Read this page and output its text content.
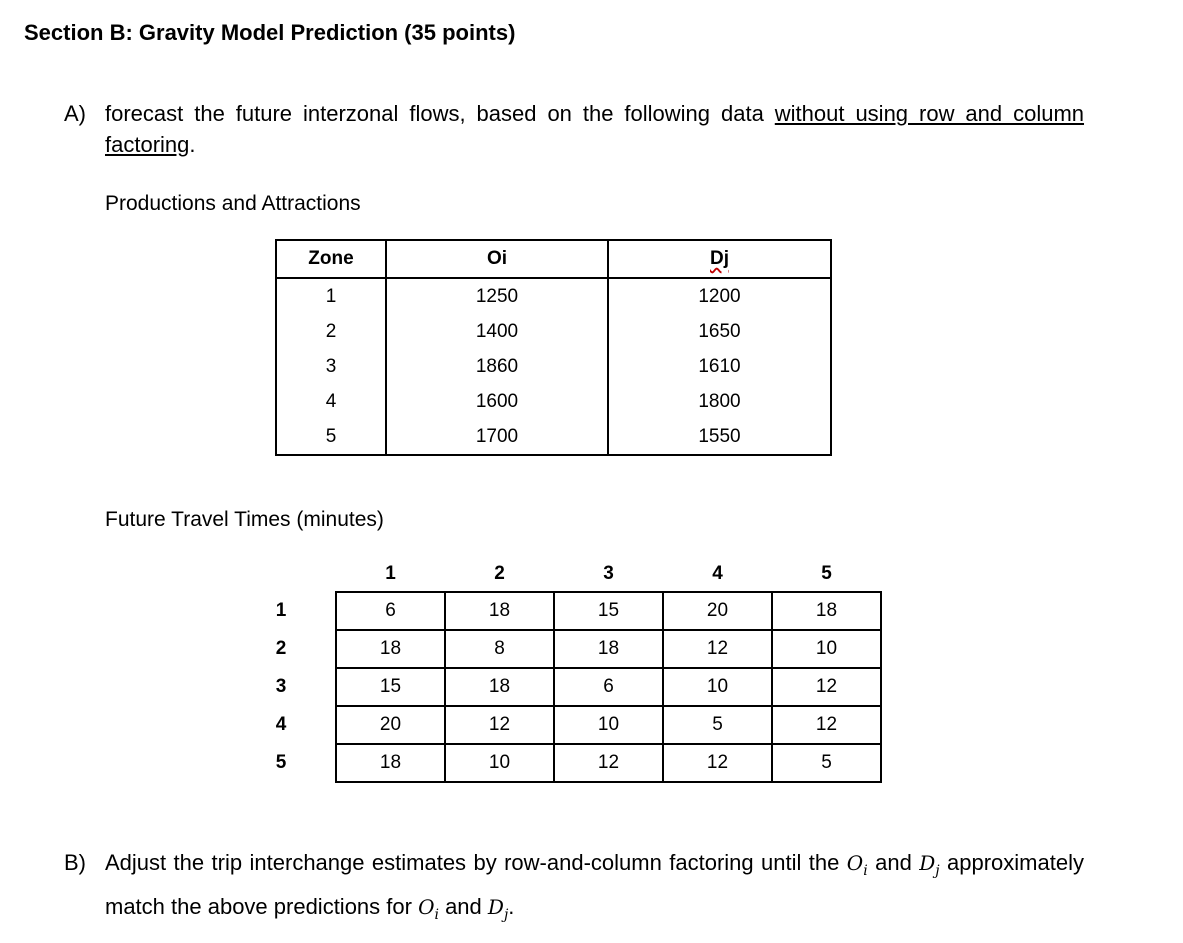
Section B: Gravity Model Prediction (35 points)
A) forecast the future interzonal flows, based on the following data without using row and column factoring.
Productions and Attractions
Zone	Oi	Dj
1	1250	1200
2	1400	1650
3	1860	1610
4	1600	1800
5	1700	1550
Future Travel Times (minutes)
		1	2	3	4	5
1		6	18	15	20	18
2		18	8	18	12	10
3		15	18	6	10	12
4		20	12	10	5	12
5		18	10	12	12	5
B) Adjust the trip interchange estimates by row-and-column factoring until the $O_i$ and $D_j$ approximately match the above predictions for $O_i$ and $D_j$.
